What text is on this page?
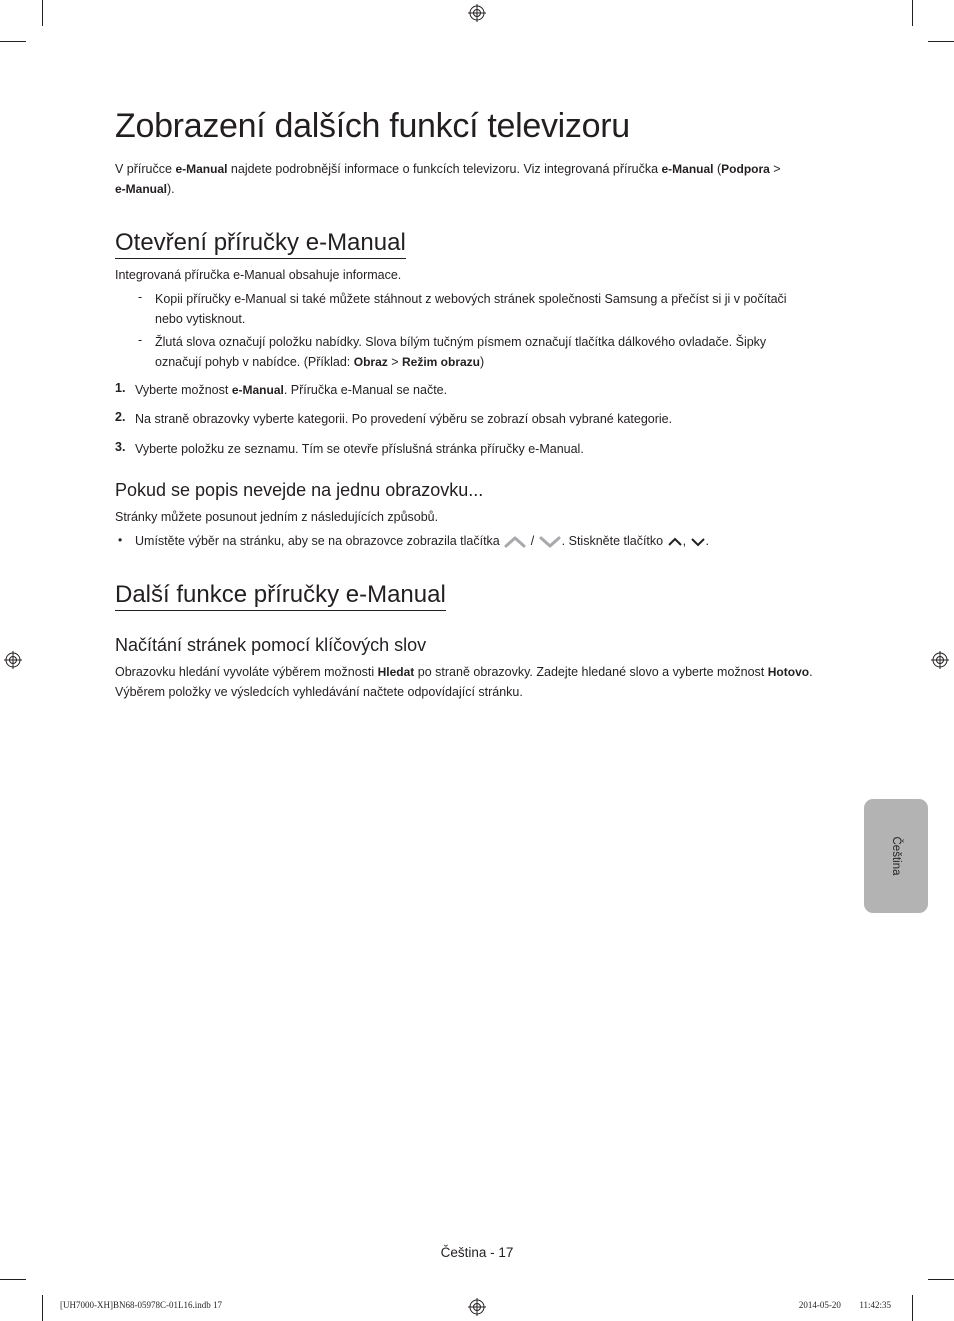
Zobrazení dalších funkcí televizoru

V příručce e-Manual najdete podrobnější informace o funkcích televizoru. Viz integrovaná příručka e-Manual (Podpora >
e-Manual).

Otevření příručky e-Manual

Integrovaná příručka e-Manual obsahuje informace.

- Kopii příručky e-Manual si také můžete stáhnout z webových stránek společnosti Samsung a přečíst si ji v počítači
nebo vytisknout.

- Žlutá slova označují položku nabídky. Slova bílým tučným písmem označují tlačítka dálkového ovladače. Šipky
označují pohyb v nabídce. (Příklad: Obraz > Režim obrazu)

1. Vyberte možnost e-Manual. Příručka e-Manual se načte.

2. Na straně obrazovky vyberte kategorii. Po provedení výběru se zobrazí obsah vybrané kategorie.

3. Vyberte položku ze seznamu. Tím se otevře příslušná stránka příručky e-Manual.

Pokud se popis nevejde na jednu obrazovku...

Stránky můžete posunout jedním z následujících způsobů.

• Umístěte výběr na stránku, aby se na obrazovce zobrazila tlačítka  / . Stiskněte tlačítko , .

Další funkce příručky e-Manual
Načítání stránek pomocí klíčových slov

Obrazovku hledání vyvoláte výběrem možnosti Hledat po straně obrazovky. Zadejte hledané slovo a vyberte možnost Hotovo.
Výběrem položky ve výsledcích vyhledávání načtete odpovídající stránku.

Čeština
Čeština - 17
[UH7000-XH]BN68-05978C-01L16.indb 17	2014-05-20 ￿￿ 11:42:35
